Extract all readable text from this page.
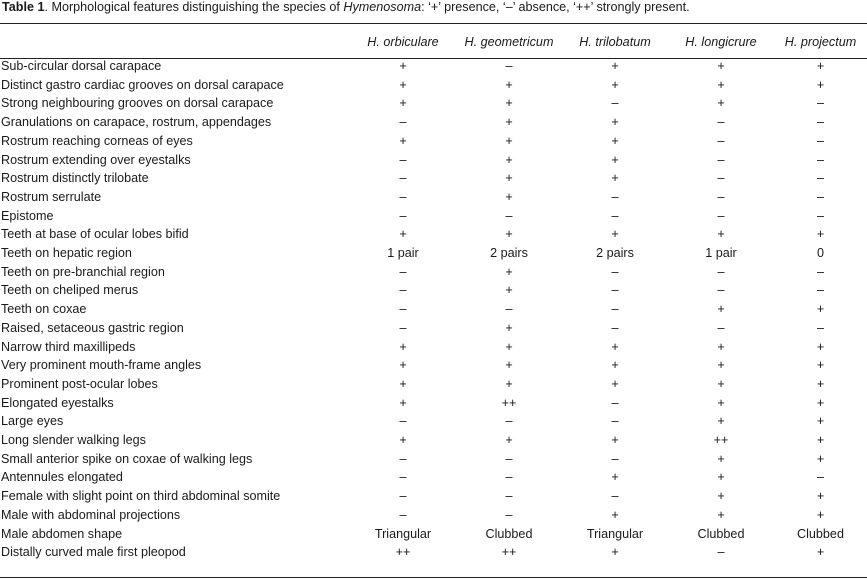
Table 1. Morphological features distinguishing the species of Hymenosoma: ‘+’ presence, ‘–’ absence, ‘++’ strongly present.
	H. orbiculare	H. geometricum	H. trilobatum	H. longicrure	H. projectum

Sub-circular dorsal carapace	+	–	+	+	+
Distinct gastro cardiac grooves on dorsal carapace	+	+	+	+	+
Strong neighbouring grooves on dorsal carapace	+	+	–	+	–
Granulations on carapace, rostrum, appendages	–	+	+	–	–
Rostrum reaching corneas of eyes	+	+	+	–	–
Rostrum extending over eyestalks	–	+	+	–	–
Rostrum distinctly trilobate	–	+	+	–	–
Rostrum serrulate	–	+	–	–	–
Epistome	–	–	–	–	–
Teeth at base of ocular lobes bifid	+	+	+	+	+
Teeth on hepatic region	1 pair	2 pairs	2 pairs	1 pair	0
Teeth on pre-branchial region	–	+	–	–	–
Teeth on cheliped merus	–	+	–	–	–
Teeth on coxae	–	–	–	+	+
Raised, setaceous gastric region	–	+	–	–	–
Narrow third maxillipeds	+	+	+	+	+
Very prominent mouth-frame angles	+	+	+	+	+
Prominent post-ocular lobes	+	+	+	+	+
Elongated eyestalks	+	++	–	+	+
Large eyes	–	–	–	+	+
Long slender walking legs	+	+	+	++	+
Small anterior spike on coxae of walking legs	–	–	–	+	+
Antennules elongated	–	–	+	+	–
Female with slight point on third abdominal somite	–	–	–	+	+
Male with abdominal projections	–	–	+	+	+
Male abdomen shape	Triangular	Clubbed	Triangular	Clubbed	Clubbed
Distally curved male first pleopod	++	++	+	–	+
